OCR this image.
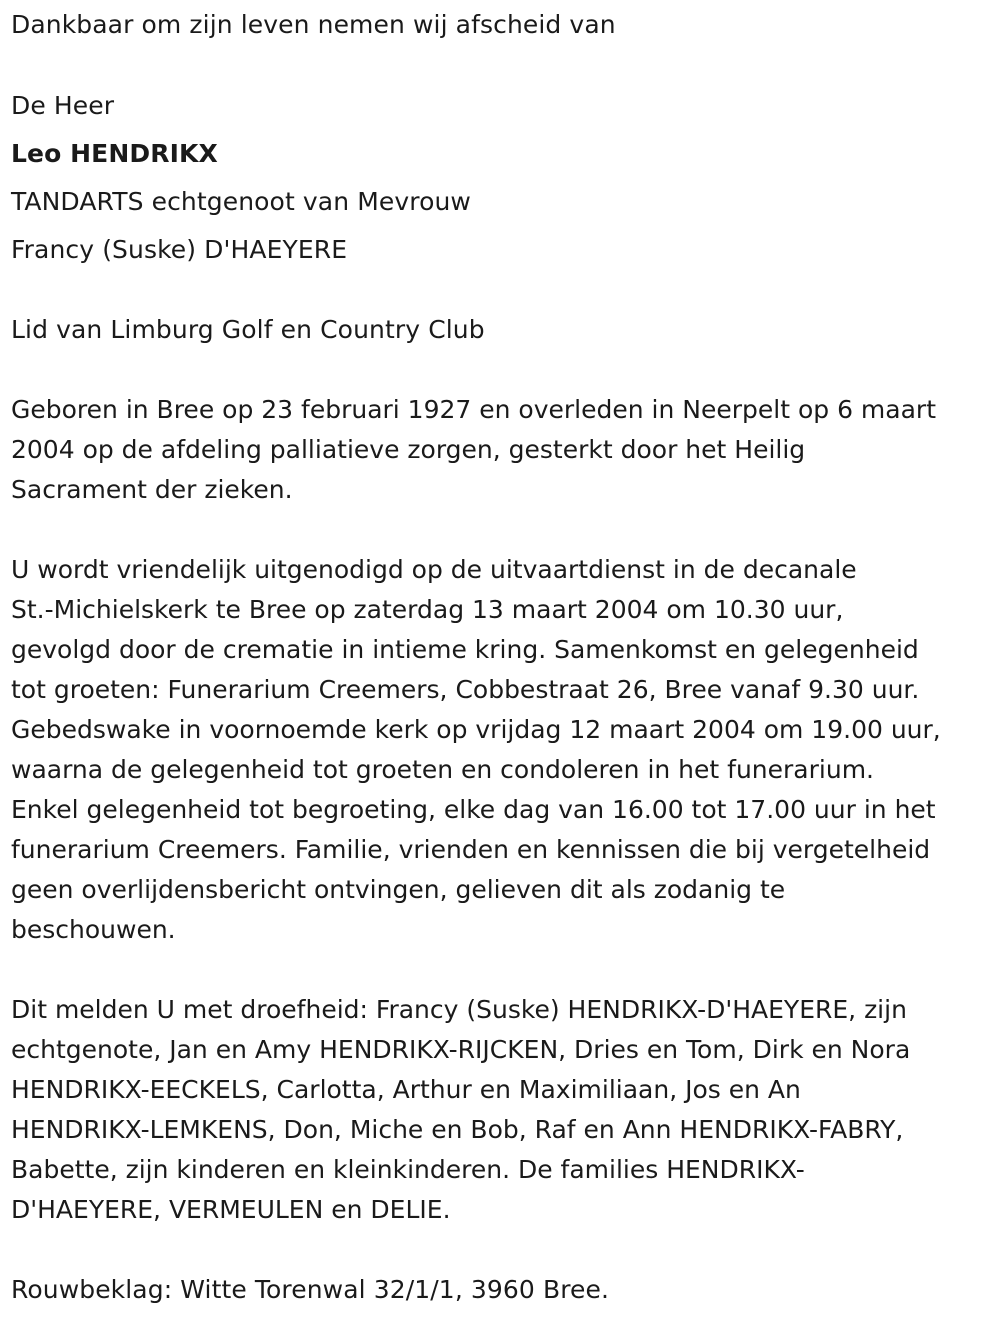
Dankbaar om zijn leven nemen wij afscheid van

De Heer

Leo HENDRIKX

TANDARTS echtgenoot van Mevrouw

Francy (Suske) D'HAEYERE

Lid van Limburg Golf en Country Club

Geboren in Bree op 23 februari 1927 en overleden in Neerpelt op 6 maart
2004 op de afdeling palliatieve zorgen, gesterkt door het Heilig
Sacrament der zieken.
U wordt vriendelijk uitgenodigd op de uitvaartdienst in de decanale
St.-Michielskerk te Bree op zaterdag 13 maart 2004 om 10.30 uur,
gevolgd door de crematie in intieme kring. Samenkomst en gelegenheid
tot groeten: Funerarium Creemers, Cobbestraat 26, Bree vanaf 9.30 uur.
Gebedswake in voornoemde kerk op vrijdag 12 maart 2004 om 19.00 uur,
waarna de gelegenheid tot groeten en condoleren in het funerarium.
Enkel gelegenheid tot begroeting, elke dag van 16.00 tot 17.00 uur in het
funerarium Creemers. Familie, vrienden en kennissen die bij vergetelheid
geen overlijdensbericht ontvingen, gelieven dit als zodanig te
beschouwen.
Dit melden U met droefheid: Francy (Suske) HENDRIKX-D'HAEYERE, zijn
echtgenote, Jan en Amy HENDRIKX-RIJCKEN, Dries en Tom, Dirk en Nora
HENDRIKX-EECKELS, Carlotta, Arthur en Maximiliaan, Jos en An
HENDRIKX-LEMKENS, Don, Miche en Bob, Raf en Ann HENDRIKX-FABRY,
Babette, zijn kinderen en kleinkinderen. De families HENDRIKX-
D'HAEYERE, VERMEULEN en DELIE.

Rouwbeklag: Witte Torenwal 32/1/1, 3960 Bree.
